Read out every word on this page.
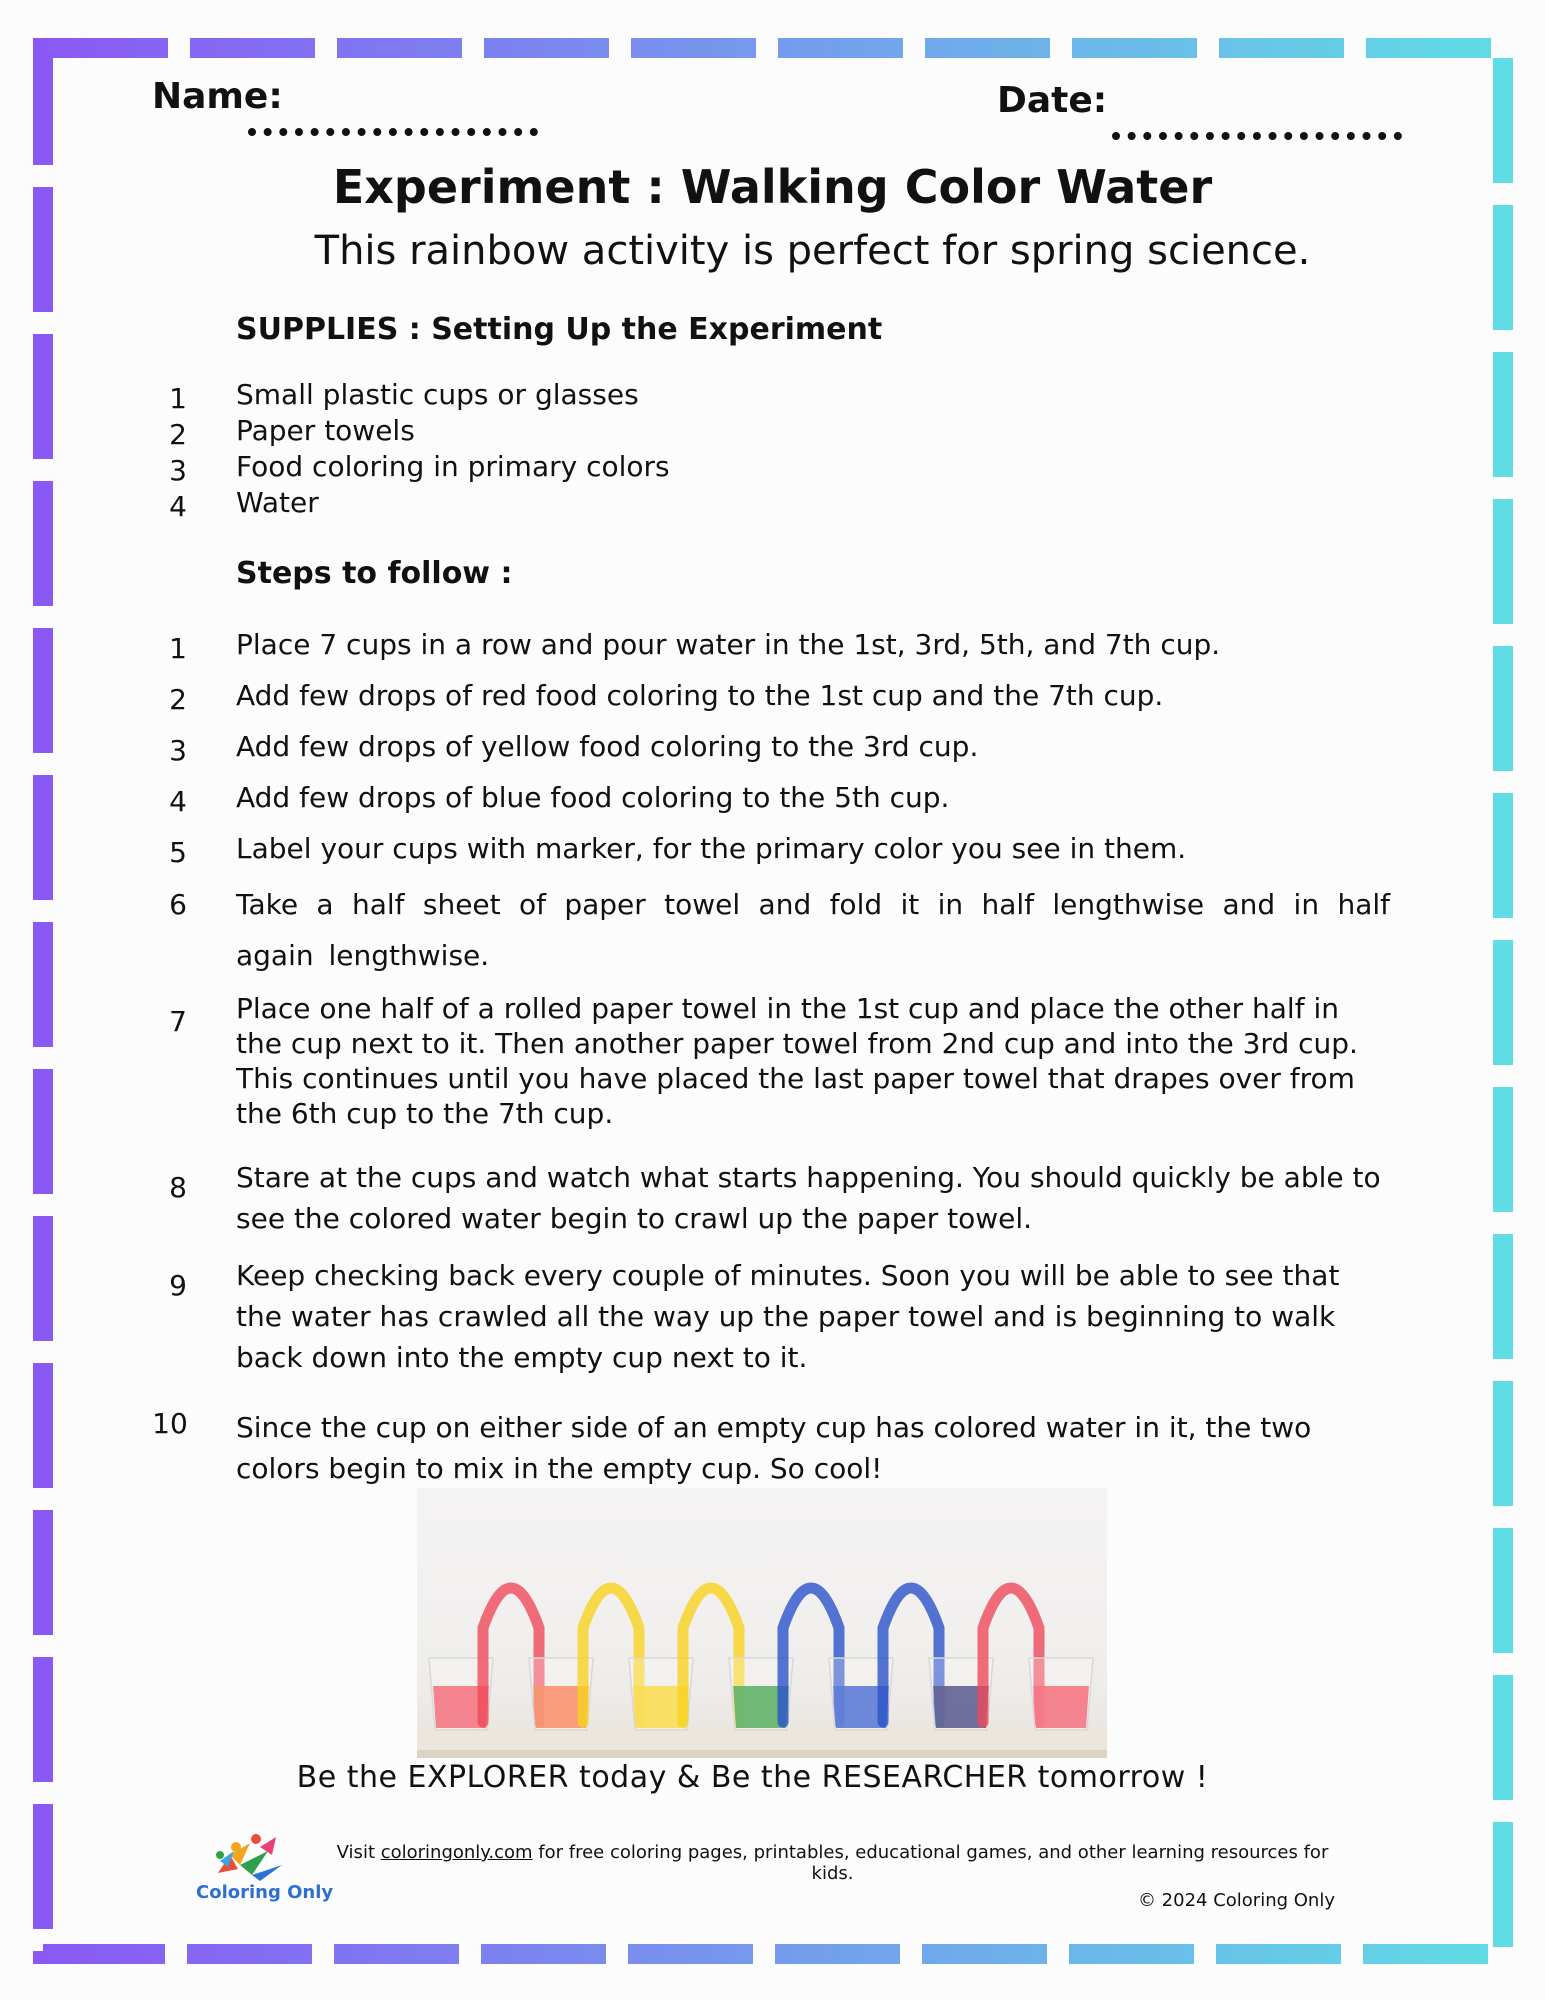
Name:	Date:
Experiment : Walking Color Water
This rainbow activity is perfect for spring science.
SUPPLIES : Setting Up the Experiment
1	Small plastic cups or glasses
2	Paper towels
3	Food coloring in primary colors
4	Water
Steps to follow :
1	Place 7 cups in a row and pour water in the 1st, 3rd, 5th, and 7th cup.
2	Add few drops of red food coloring to the 1st cup and the 7th cup.
3	Add few drops of yellow food coloring to the 3rd cup.
4	Add few drops of blue food coloring to the 5th cup.
5	Label your cups with marker, for the primary color you see in them.
6	Take a half sheet of paper towel and fold it in half lengthwise and in half again lengthwise.
7	Place one half of a rolled paper towel in the 1st cup and place the other half in the cup next to it. Then another paper towel from 2nd cup and into the 3rd cup. This continues until you have placed the last paper towel that drapes over from the 6th cup to the 7th cup.
8	Stare at the cups and watch what starts happening. You should quickly be able to see the colored water begin to crawl up the paper towel.
9	Keep checking back every couple of minutes. Soon you will be able to see that the water has crawled all the way up the paper towel and is beginning to walk back down into the empty cup next to it.
10 Since the cup on either side of an empty cup has colored water in it, the two colors begin to mix in the empty cup. So cool!
Be the EXPLORER today & Be the RESEARCHER tomorrow !
Coloring Only
Visit coloringonly.com for free coloring pages, printables, educational games, and other learning resources for kids.
© 2024 Coloring Only
